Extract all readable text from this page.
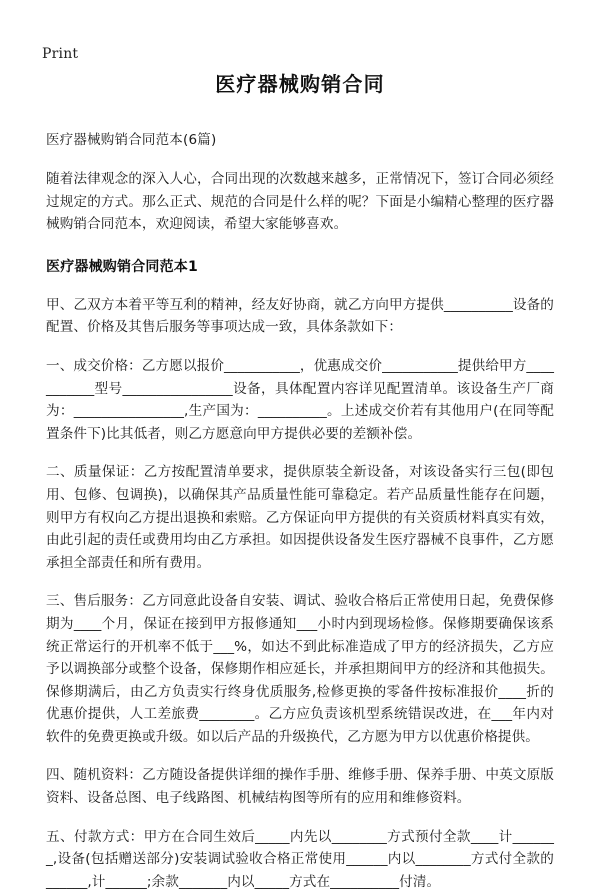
Print
医疗器械购销合同
医疗器械购销合同范本(6篇)

随着法律观念的深入人心，合同出现的次数越来越多，正常情况下，签订合同必须经过规定的方式。那么正式、规范的合同是什么样的呢？下面是小编精心整理的医疗器械购销合同范本，欢迎阅读，希望大家能够喜欢。

医疗器械购销合同范本1

甲、乙双方本着平等互利的精神，经友好协商，就乙方向甲方提供__________设备的配置、价格及其售后服务等事项达成一致，具体条款如下：

一、成交价格：乙方愿以报价___________，优惠成交价___________提供给甲方___________型号________________设备，具体配置内容详见配置清单。该设备生产厂商为：________________,生产国为：__________。上述成交价若有其他用户(在同等配置条件下)比其低者，则乙方愿意向甲方提供必要的差额补偿。

二、质量保证：乙方按配置清单要求，提供原装全新设备，对该设备实行三包(即包用、包修、包调换)，以确保其产品质量性能可靠稳定。若产品质量性能存在问题，则甲方有权向乙方提出退换和索赔。乙方保证向甲方提供的有关资质材料真实有效，由此引起的责任或费用均由乙方承担。如因提供设备发生医疗器械不良事件，乙方愿承担全部责任和所有费用。

三、售后服务：乙方同意此设备自安装、调试、验收合格后正常使用日起，免费保修期为____个月，保证在接到甲方报修通知___小时内到现场检修。保修期要确保该系统正常运行的开机率不低于___%，如达不到此标准造成了甲方的经济损失，乙方应予以调换部分或整个设备，保修期作相应延长，并承担期间甲方的经济和其他损失。保修期满后，由乙方负责实行终身优质服务,检修更换的零备件按标准报价____折的优惠价提供，人工差旅费________。乙方应负责该机型系统错误改进，在___年内对软件的免费更换或升级。如以后产品的升级换代，乙方愿为甲方以优惠价格提供。

四、随机资料：乙方随设备提供详细的操作手册、维修手册、保养手册、中英文原版资料、设备总图、电子线路图、机械结构图等所有的应用和维修资料。

五、付款方式：甲方在合同生效后_____内先以________方式预付全款____计_______,设备(包括赠送部分)安装调试验收合格正常使用______内以________方式付全款的______,计______;余款_______内以_____方式在__________付清。
